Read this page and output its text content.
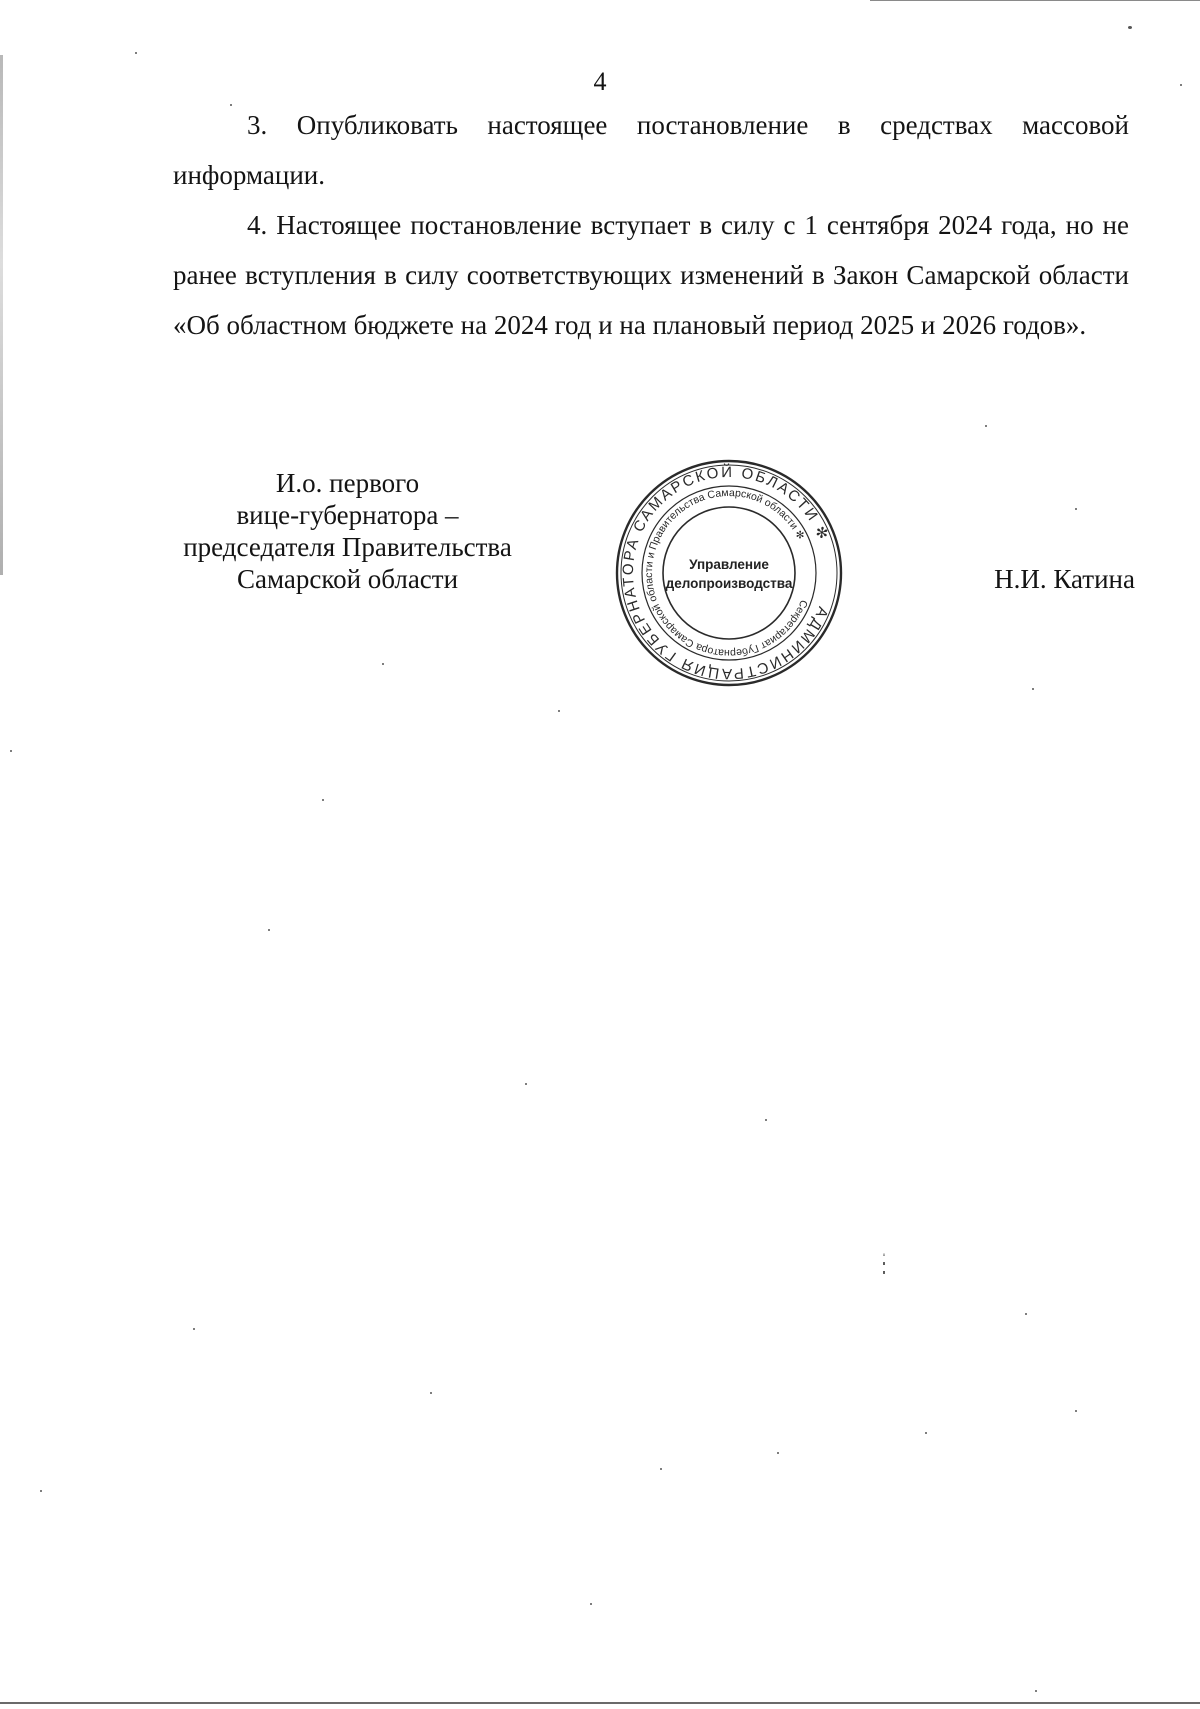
4

3. Опубликовать настоящее постановление в средствах массовой информации.

4. Настоящее постановление вступает в силу с 1 сентября 2024 года, но не ранее вступления в силу соответствующих изменений в Закон Самарской области «Об областном бюджете на 2024 год и на плановый период 2025 и 2026 годов».

И.о. первого
вице-губернатора –
председателя Правительства
Самарской области
АДМИНИСТРАЦИЯ ГУБЕРНАТОРА САМАРСКОЙ ОБЛАСТИ ✻
Секретариат Губернатора Самарской области и Правительства Самарской области ✻
Управление
делопроизводства	Н.И. Катина
